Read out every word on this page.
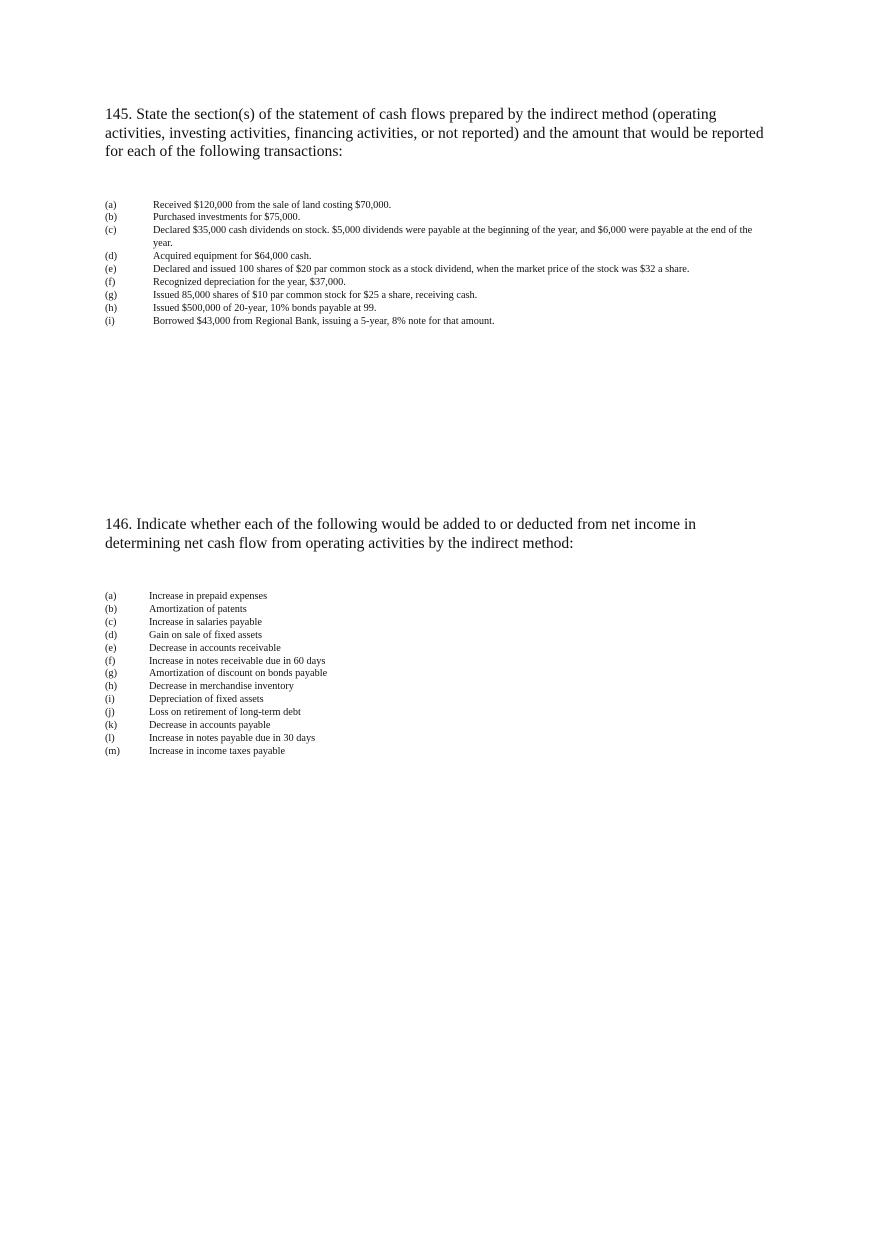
145. State the section(s) of the statement of cash flows prepared by the indirect method (operating activities, investing activities, financing activities, or not reported) and the amount that would be reported for each of the following transactions:

(a)	Received $120,000 from the sale of land costing $70,000.
(b)	Purchased investments for $75,000.
(c)	Declared $35,000 cash dividends on stock. $5,000 dividends were payable at the beginning of the year, and $6,000 were payable at the end of the year.
(d)	Acquired equipment for $64,000 cash.
(e)	Declared and issued 100 shares of $20 par common stock as a stock dividend, when the market price of the stock was $32 a share.
(f)	Recognized depreciation for the year, $37,000.
(g)	Issued 85,000 shares of $10 par common stock for $25 a share, receiving cash.
(h)	Issued $500,000 of 20-year, 10% bonds payable at 99.
(i)	Borrowed $43,000 from Regional Bank, issuing a 5-year, 8% note for that amount.

146. Indicate whether each of the following would be added to or deducted from net income in determining net cash flow from operating activities by the indirect method:

(a)	Increase in prepaid expenses
(b)	Amortization of patents
(c)	Increase in salaries payable
(d)	Gain on sale of fixed assets
(e)	Decrease in accounts receivable
(f)	Increase in notes receivable due in 60 days
(g)	Amortization of discount on bonds payable
(h)	Decrease in merchandise inventory
(i)	Depreciation of fixed assets
(j)	Loss on retirement of long-term debt
(k)	Decrease in accounts payable
(l)	Increase in notes payable due in 30 days
(m)	Increase in income taxes payable
